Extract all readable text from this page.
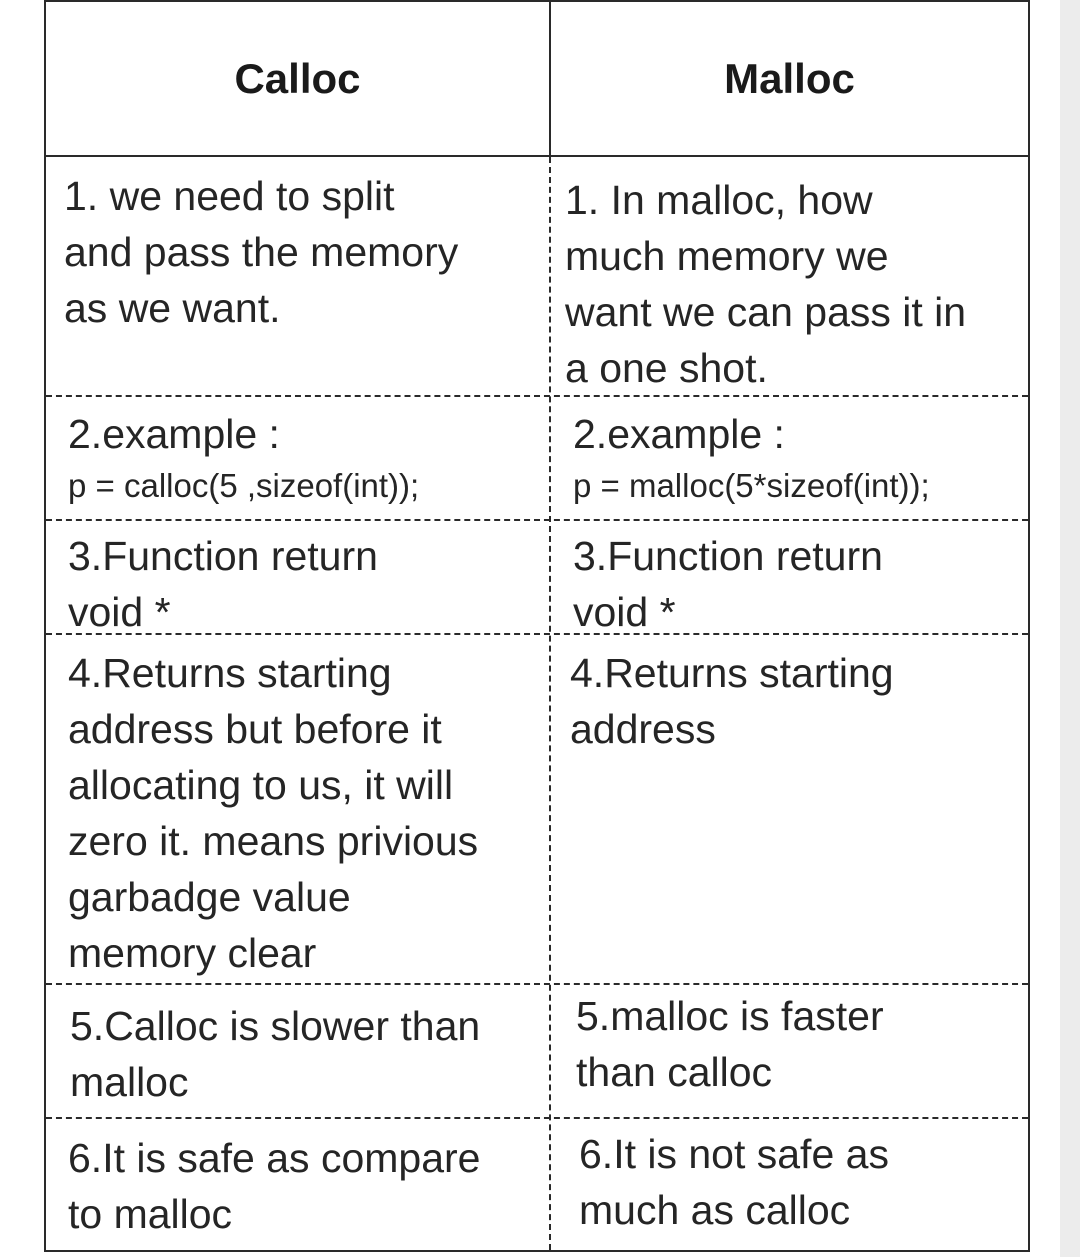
Calloc	Malloc
1. we need to split
and pass the memory
as we want.
1. In malloc, how
much memory we
want we can pass it in
a one shot.
2.example :
p = calloc(5 ,sizeof(int));
2.example :
p = malloc(5*sizeof(int));
3.Function return
void *
3.Function return
void *
4.Returns starting
address but before it
allocating to us, it will
zero it. means privious
garbadge value
memory clear
4.Returns starting
address
5.Calloc is slower than
malloc
5.malloc is faster
than calloc
6.It is safe as compare
to malloc
6.It is not safe as
much as calloc
